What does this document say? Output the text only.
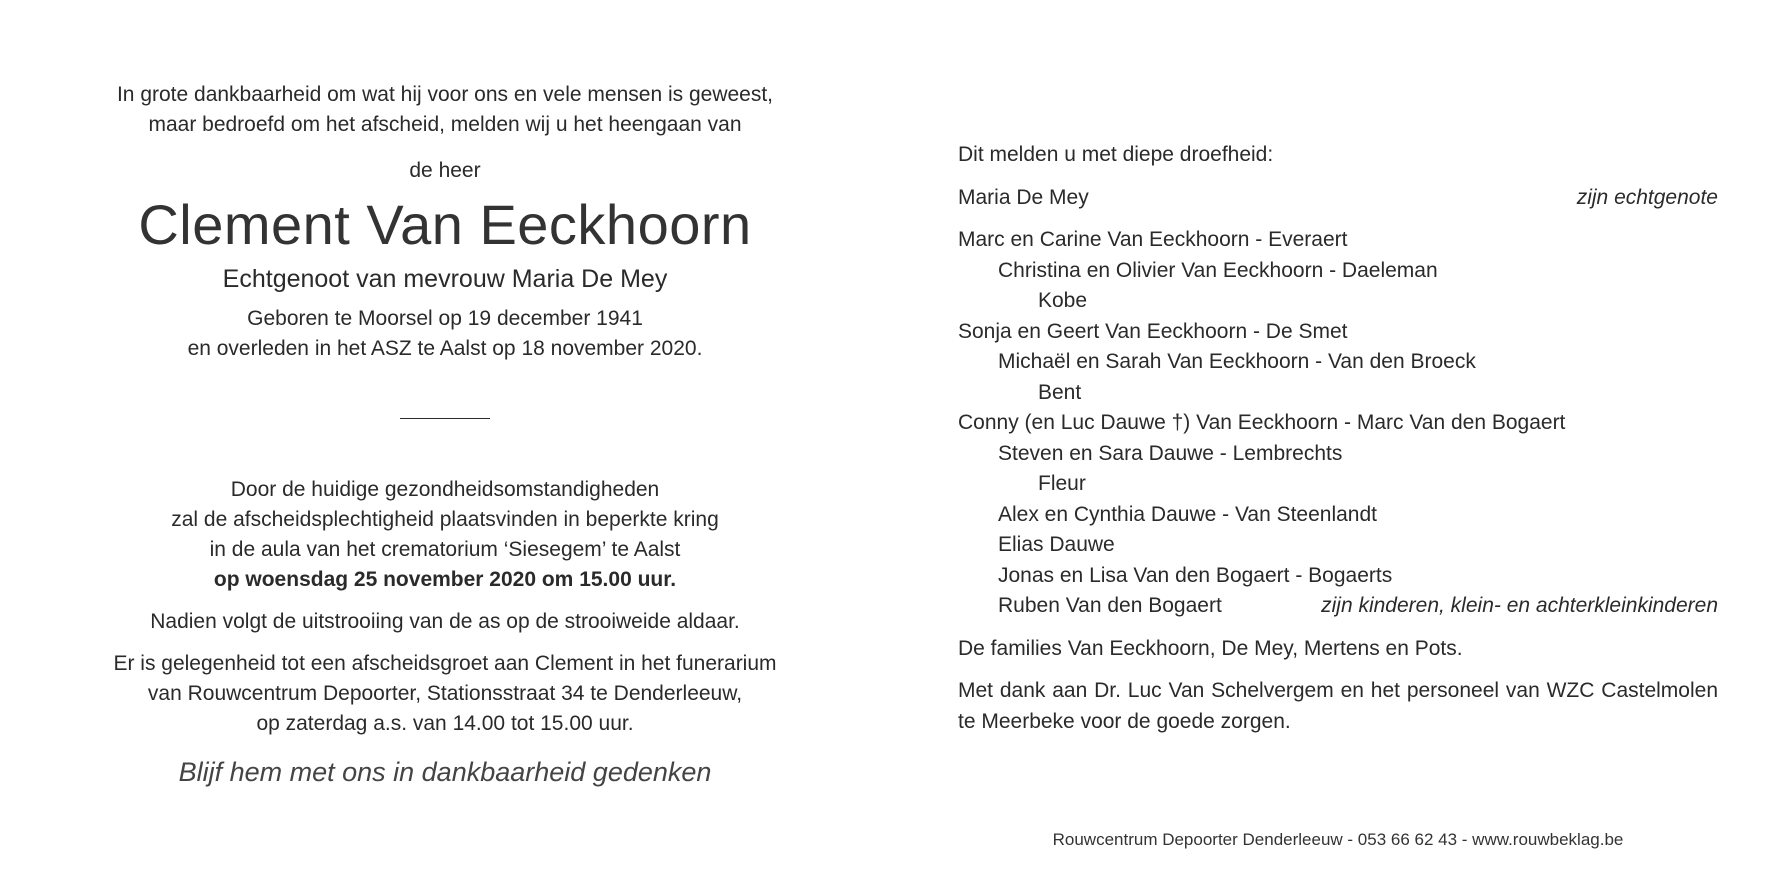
In grote dankbaarheid om wat hij voor ons en vele mensen is geweest,

maar bedroefd om het afscheid, melden wij u het heengaan van

de heer

Clement Van Eeckhoorn

Echtgenoot van mevrouw Maria De Mey

Geboren te Moorsel op 19 december 1941

en overleden in het ASZ te Aalst op 18 november 2020.

Door de huidige gezondheidsomstandigheden

zal de afscheidsplechtigheid plaatsvinden in beperkte kring

in de aula van het crematorium ‘Siesegem’ te Aalst

op woensdag 25 november 2020 om 15.00 uur.

Nadien volgt de uitstrooiing van de as op de strooiweide aldaar.

Er is gelegenheid tot een afscheidsgroet aan Clement in het funerarium

van Rouwcentrum Depoorter, Stationsstraat 34 te Denderleeuw,

op zaterdag a.s. van 14.00 tot 15.00 uur.

Blijf hem met ons in dankbaarheid gedenken

Dit melden u met diepe droefheid:

Maria De Mey	zijn echtgenote

Marc en Carine Van Eeckhoorn - Everaert

Christina en Olivier Van Eeckhoorn - Daeleman

Kobe

Sonja en Geert Van Eeckhoorn - De Smet

Michaël en Sarah Van Eeckhoorn - Van den Broeck

Bent

Conny (en Luc Dauwe †) Van Eeckhoorn - Marc Van den Bogaert

Steven en Sara Dauwe - Lembrechts

Fleur

Alex en Cynthia Dauwe - Van Steenlandt

Elias Dauwe

Jonas en Lisa Van den Bogaert - Bogaerts

Ruben Van den Bogaert	zijn kinderen, klein- en achterkleinkinderen

De families Van Eeckhoorn, De Mey, Mertens en Pots.

Met dank aan Dr. Luc Van Schelvergem en het personeel van WZC Castelmolen te Meerbeke voor de goede zorgen.

Rouwcentrum Depoorter Denderleeuw - 053 66 62 43 - www.rouwbeklag.be
